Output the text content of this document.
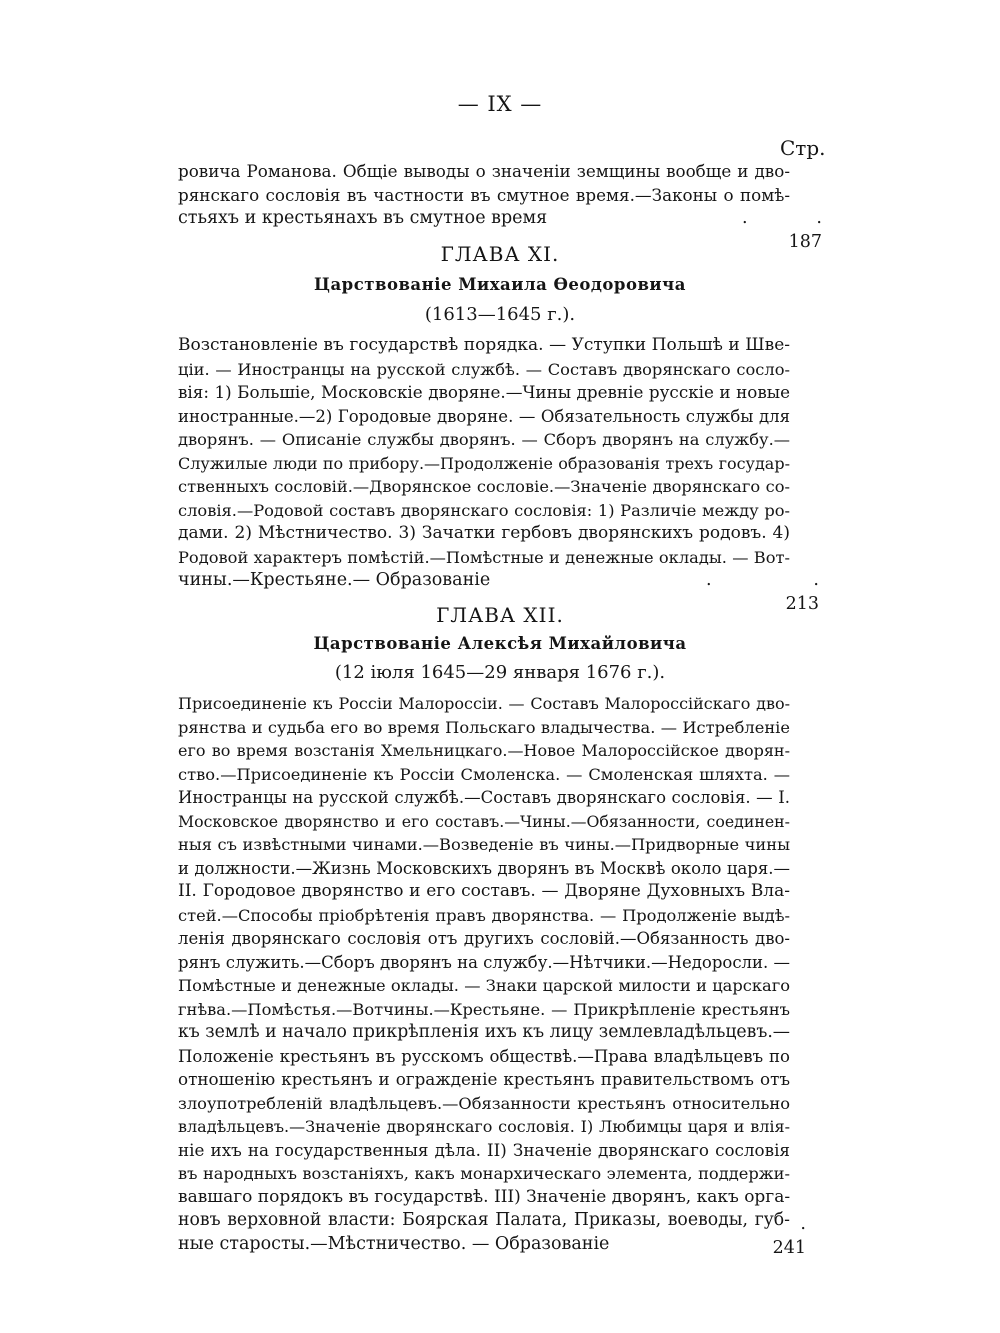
— IX —
Стр.
ровича Романова. Общіе выводы о значеніи земщины вообще и дво-
рянскаго сословія въ частности въ смутное время.—Законы о помѣ-
стьяхъ и крестьянахъ въ смутное время	.	. 187
ГЛАВА XI.
Царствованіе Михаила Ѳеодоровича
(1613—1645 г.).
Возстановленіе въ государствѣ порядка. — Уступки Польшѣ и Шве-
ціи. — Иностранцы на русской службѣ. — Составъ дворянскаго сосло-
вія: 1) Большіе, Московскіе дворяне.—Чины древніе русскіе и новые
иностранные.—2) Городовые дворяне. — Обязательность службы для
дворянъ. — Описаніе службы дворянъ. — Сборъ дворянъ на службу.—
Служилые люди по прибору.—Продолженіе образованія трехъ государ-
ственныхъ сословій.—Дворянское сословіе.—Значеніе дворянскаго со-
словія.—Родовой составъ дворянскаго сословія: 1) Различіе между ро-
дами. 2) Мѣстничество. 3) Зачатки гербовъ дворянскихъ родовъ. 4)
Родовой характеръ помѣстій.—Помѣстные и денежные оклады. — Вот-
чины.—Крестьяне.— Образованіе	.	. 213
ГЛАВА XII.
Царствованіе Алексѣя Михайловича
(12 іюля 1645—29 января 1676 г.).
Присоединеніе къ Россіи Малороссіи. — Составъ Малороссійскаго дво-
рянства и судьба его во время Польскаго владычества. — Истребленіе
его во время возстанія Хмельницкаго.—Новое Малороссійское дворян-
ство.—Присоединеніе къ Россіи Смоленска. — Смоленская шляхта. —
Иностранцы на русской службѣ.—Составъ дворянскаго сословія. — I.
Московское дворянство и его составъ.—Чины.—Обязанности, соединен-
ныя съ извѣстными чинами.—Возведеніе въ чины.—Придворные чины
и должности.—Жизнь Московскихъ дворянъ въ Москвѣ около царя.—
II. Городовое дворянство и его составъ. — Дворяне Духовныхъ Вла-
стей.—Способы пріобрѣтенія правъ дворянства. — Продолженіе выдѣ-
ленія дворянскаго сословія отъ другихъ сословій.—Обязанность дво-
рянъ служить.—Сборъ дворянъ на службу.—Нѣтчики.—Недоросли. —
Помѣстные и денежные оклады. — Знаки царской милости и царскаго
гнѣва.—Помѣстья.—Вотчины.—Крестьяне. — Прикрѣпленіе крестьянъ
къ землѣ и начало прикрѣпленія ихъ къ лицу землевладѣльцевъ.—
Положеніе крестьянъ въ русскомъ обществѣ.—Права владѣльцевъ по
отношенію крестьянъ и огражденіе крестьянъ правительствомъ отъ
злоупотребленій владѣльцевъ.—Обязанности крестьянъ относительно
владѣльцевъ.—Значеніе дворянскаго сословія. I) Любимцы царя и влія-
ніе ихъ на государственныя дѣла. II) Значеніе дворянскаго сословія
въ народныхъ возстаніяхъ, какъ монархическаго элемента, поддержи-
вавшаго порядокъ въ государствѣ. III) Значеніе дворянъ, какъ орга-
новъ верховной власти: Боярская Палата, Приказы, воеводы, губ-
ные старосты.—Мѣстничество. — Образованіе
. 241
